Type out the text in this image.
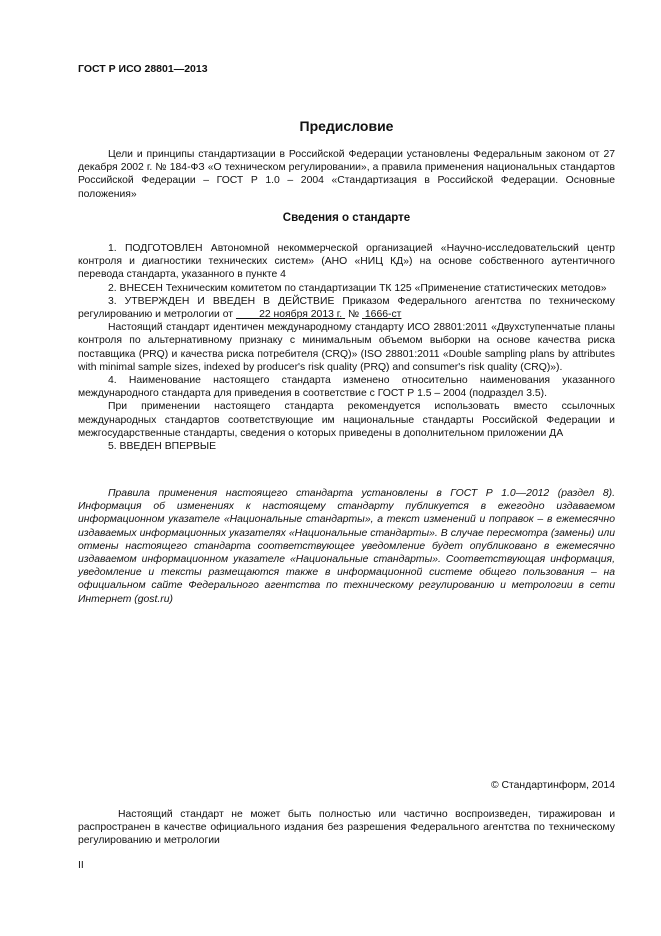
ГОСТ Р ИСО 28801—2013
Предисловие

Цели и принципы стандартизации в Российской Федерации установлены Федеральным законом от 27 декабря 2002 г. № 184-ФЗ «О техническом регулировании», а правила применения национальных стандартов Российской Федерации – ГОСТ Р 1.0 – 2004 «Стандартизация в Российской Федерации. Основные положения»

Сведения о стандарте

1. ПОДГОТОВЛЕН Автономной некоммерческой организацией «Научно-исследовательский центр контроля и диагностики технических систем» (АНО «НИЦ КД») на основе собственного аутентичного перевода стандарта, указанного в пункте 4

2. ВНЕСЕН Техническим комитетом по стандартизации ТК 125 «Применение статистических методов»

3. УТВЕРЖДЕН И ВВЕДЕН В ДЕЙСТВИЕ Приказом Федерального агентства по техническому регулированию и метрологии от	22 ноября 2013 г. № 1666-ст

Настоящий стандарт идентичен международному стандарту ИСО 28801:2011 «Двухступенчатые планы контроля по альтернативному признаку с минимальным объемом выборки на основе качества риска поставщика (PRQ) и качества риска потребителя (CRQ)» (ISO 28801:2011 «Double sampling plans by attributes with minimal sample sizes, indexed by producer's risk quality (PRQ) and consumer's risk quality (CRQ)»).

4. Наименование настоящего стандарта изменено относительно наименования указанного международного стандарта для приведения в соответствие с ГОСТ Р 1.5 – 2004 (подраздел 3.5).

При применении настоящего стандарта рекомендуется использовать вместо ссылочных международных стандартов соответствующие им национальные стандарты Российской Федерации и межгосударственные стандарты, сведения о которых приведены в дополнительном приложении ДА

5. ВВЕДЕН ВПЕРВЫЕ

Правила применения настоящего стандарта установлены в ГОСТ Р 1.0—2012 (раздел 8). Информация об изменениях к настоящему стандарту публикуется в ежегодно издаваемом информационном указателе «Национальные стандарты», а текст изменений и поправок – в ежемесячно издаваемых информационных указателях «Национальные стандарты». В случае пересмотра (замены) или отмены настоящего стандарта соответствующее уведомление будет опубликовано в ежемесячно издаваемом информационном указателе «Национальные стандарты». Соответствующая информация, уведомление и тексты размещаются также в информационной системе общего пользования – на официальном сайте Федерального агентства по техническому регулированию и метрологии в сети Интернет (gost.ru)

© Стандартинформ, 2014

Настоящий стандарт не может быть полностью или частично воспроизведен, тиражирован и распространен в качестве официального издания без разрешения Федерального агентства по техническому регулированию и метрологии

II
